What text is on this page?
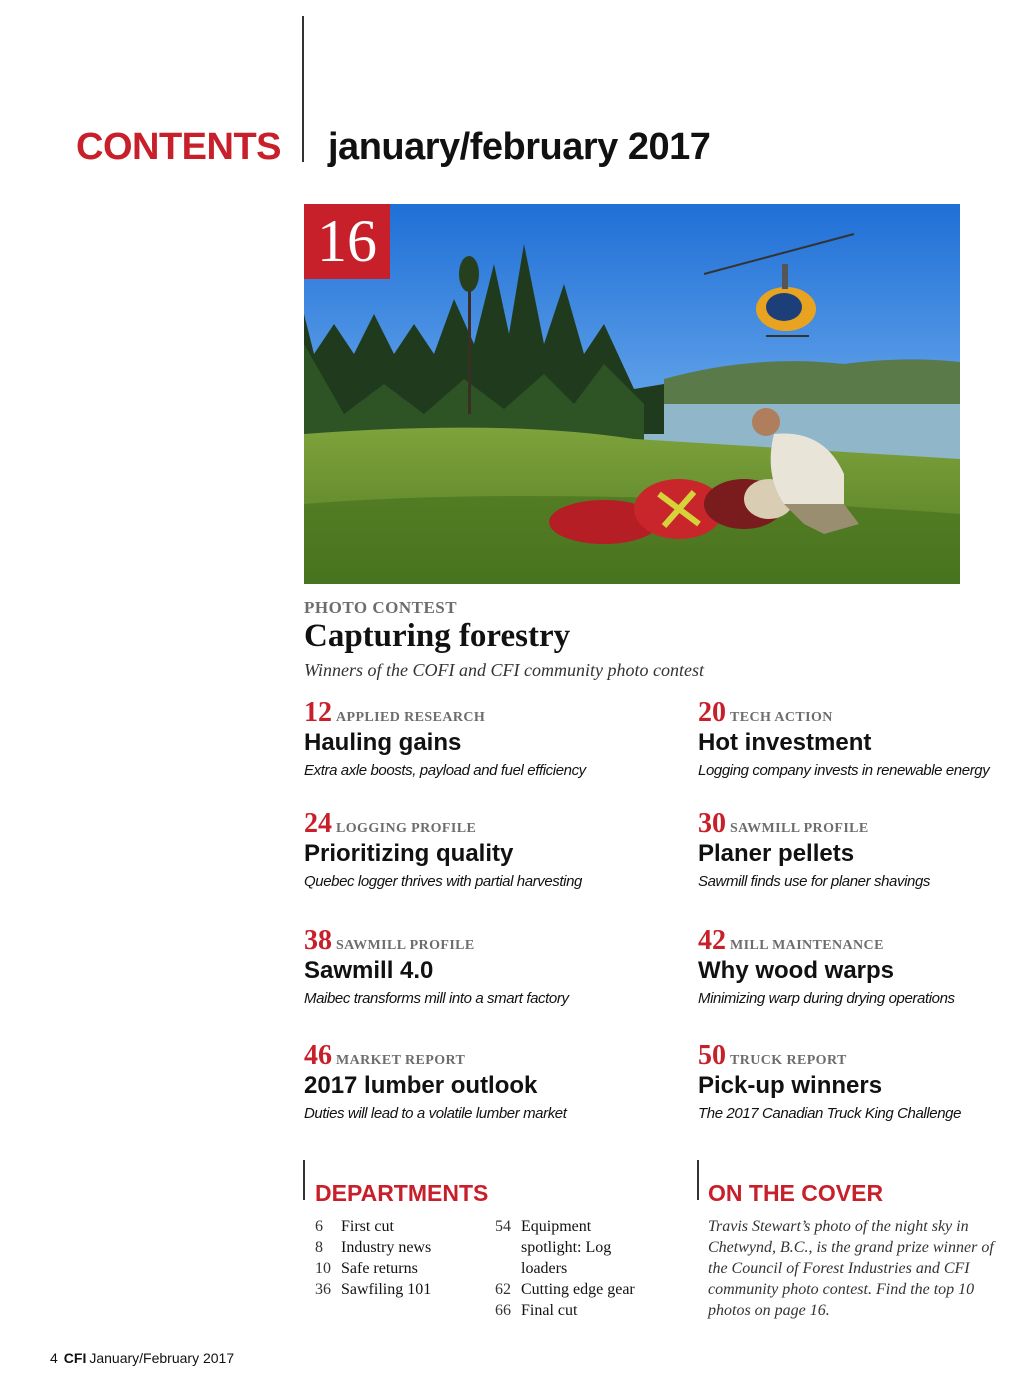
CONTENTS january/february 2017
16
PHOTO CONTEST
Capturing forestry
Winners of the COFI and CFI community photo contest
12 APPLIED RESEARCH
Hauling gains
Extra axle boosts, payload and fuel efficiency
20 TECH ACTION
Hot investment
Logging company invests in renewable energy
24 LOGGING PROFILE
Prioritizing quality
Quebec logger thrives with partial harvesting
30 SAWMILL PROFILE
Planer pellets
Sawmill finds use for planer shavings
38 SAWMILL PROFILE
Sawmill 4.0
Maibec transforms mill into a smart factory
42 MILL MAINTENANCE
Why wood warps
Minimizing warp during drying operations
46 MARKET REPORT
2017 lumber outlook
Duties will lead to a volatile lumber market
50 TRUCK REPORT
Pick-up winners
The 2017 Canadian Truck King Challenge
DEPARTMENTS
6	First cut
8	Industry news
10 Safe returns
36 Sawfiling 101
54 Equipment
spotlight: Log
loaders
62 Cutting edge gear
66 Final cut
ON THE COVER
Travis Stewart’s photo of the night sky in Chetwynd, B.C., is the grand prize winner of the Council of Forest Industries and CFI community photo contest. Find the top 10 photos on page 16.
4 CFI January/February 2017
